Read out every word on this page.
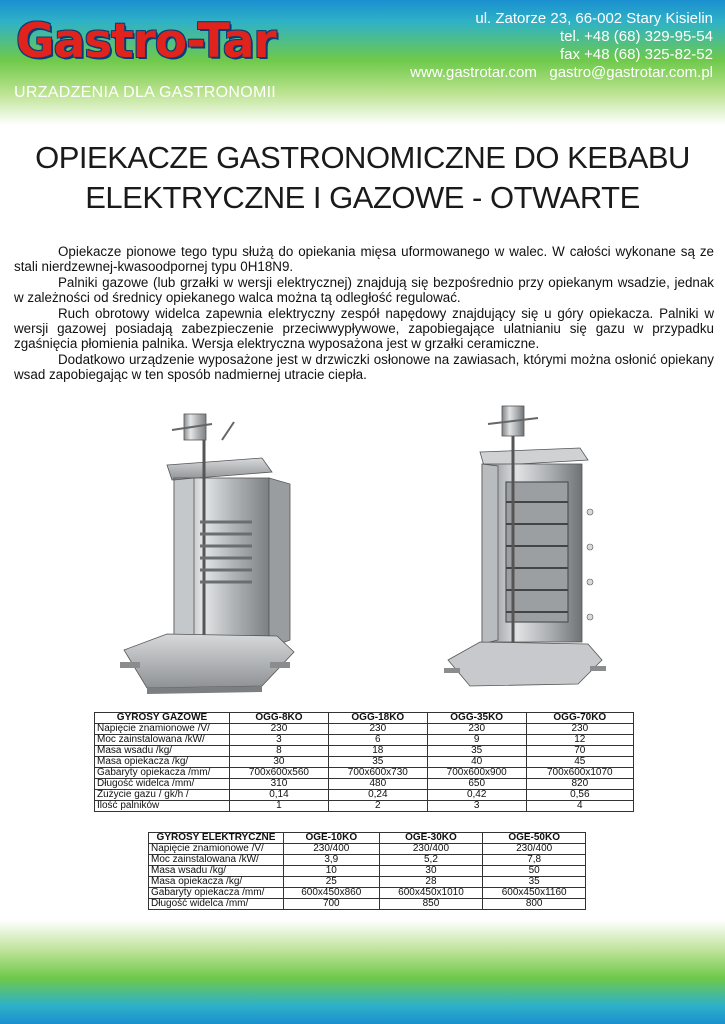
Gastro-Tar
URZADZENIA DLA GASTRONOMII
ul. Zatorze 23, 66-002 Stary Kisielin
tel. +48 (68) 329-95-54
fax +48 (68) 325-82-52
www.gastrotar.com   gastro@gastrotar.com.pl
OPIEKACZE GASTRONOMICZNE DO KEBABU
ELEKTRYCZNE I GAZOWE - OTWARTE

Opiekacze pionowe tego typu służą do opiekania mięsa uformowanego w walec. W całości wykonane są ze stali nierdzewnej-kwasoodpornej typu 0H18N9.

Palniki gazowe (lub grzałki w wersji elektrycznej) znajdują się bezpośrednio przy opiekanym wsadzie, jednak w zależności od średnicy opiekanego walca można tą odległość regulować.

Ruch obrotowy widelca zapewnia elektryczny zespół napędowy znajdujący się u góry opiekacza. Palniki w wersji gazowej posiadają zabezpieczenie przeciwwypływowe, zapobiegające ulatnianiu się gazu w przypadku zgaśnięcia płomienia palnika. Wersja elektryczna wyposażona jest w grzałki ceramiczne.

Dodatkowo urządzenie wyposażone jest w drzwiczki osłonowe na zawiasach, którymi można osłonić opiekany wsad zapobiegając w ten sposób nadmiernej utracie ciepła.

GYROSY GAZOWE	OGG-8KO	OGG-18KO	OGG-35KO	OGG-70KO
Napięcie znamionowe /V/	230	230	230	230
Moc zainstalowana /kW/	3	6	9	12
Masa wsadu /kg/	8	18	35	70
Masa opiekacza /kg/	30	35	40	45
Gabaryty opiekacza /mm/	700x600x560	700x600x730	700x600x900	700x600x1070
Długość widelca /mm/	310	480	650	820
Zużycie gazu / gk/h /	0,14	0,24	0,42	0,56
Ilość palników	1	2	3	4
GYROSY ELEKTRYCZNE	OGE-10KO	OGE-30KO	OGE-50KO
Napięcie znamionowe /V/	230/400	230/400	230/400
Moc zainstalowana /kW/	3,9	5,2	7,8
Masa wsadu /kg/	10	30	50
Masa opiekacza /kg/	25	28	35
Gabaryty opiekacza /mm/	600x450x860	600x450x1010	600x450x1160
Długość widelca /mm/	700	850	800
